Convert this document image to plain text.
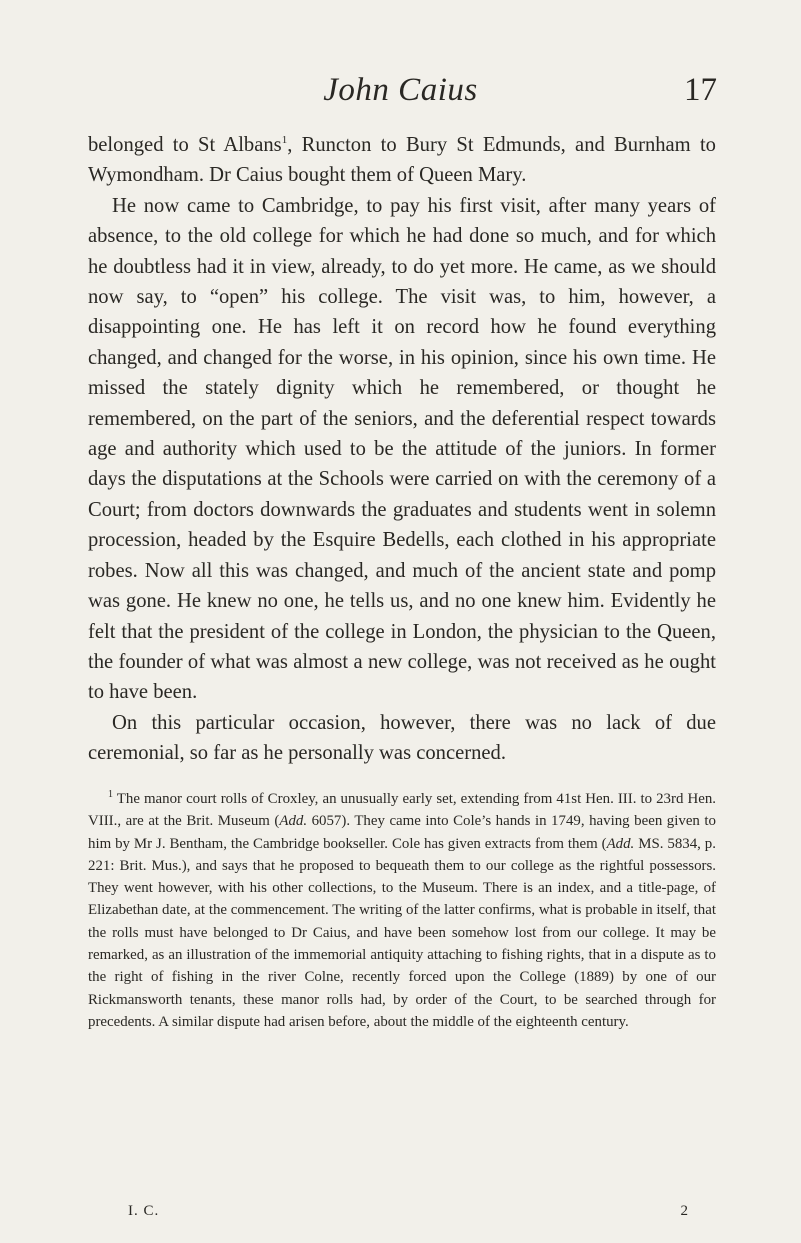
John Caius	17

belonged to St Albans$^1$, Runcton to Bury St Edmunds, and Burnham to Wymondham. Dr Caius bought them of Queen Mary.

He now came to Cambridge, to pay his first visit, after many years of absence, to the old college for which he had done so much, and for which he doubtless had it in view, already, to do yet more. He came, as we should now say, to “open” his college. The visit was, to him, however, a disappointing one. He has left it on record how he found everything changed, and changed for the worse, in his opinion, since his own time. He missed the stately dignity which he remembered, or thought he remembered, on the part of the seniors, and the deferential respect towards age and authority which used to be the attitude of the juniors. In former days the disputations at the Schools were carried on with the ceremony of a Court; from doctors downwards the graduates and students went in solemn procession, headed by the Esquire Bedells, each clothed in his appropriate robes. Now all this was changed, and much of the ancient state and pomp was gone. He knew no one, he tells us, and no one knew him. Evidently he felt that the president of the college in London, the physician to the Queen, the founder of what was almost a new college, was not received as he ought to have been.

On this particular occasion, however, there was no lack of due ceremonial, so far as he personally was concerned.

$^1$ The manor court rolls of Croxley, an unusually early set, extending from 41st Hen. III. to 23rd Hen. VIII., are at the Brit. Museum (Add. 6057). They came into Cole’s hands in 1749, having been given to him by Mr J. Bentham, the Cambridge bookseller. Cole has given extracts from them (Add. MS. 5834, p. 221: Brit. Mus.), and says that he proposed to bequeath them to our college as the rightful possessors. They went however, with his other collections, to the Museum. There is an index, and a title-page, of Elizabethan date, at the commencement. The writing of the latter confirms, what is probable in itself, that the rolls must have belonged to Dr Caius, and have been somehow lost from our college. It may be remarked, as an illustration of the immemorial antiquity attaching to fishing rights, that in a dispute as to the right of fishing in the river Colne, recently forced upon the College (1889) by one of our Rickmansworth tenants, these manor rolls had, by order of the Court, to be searched through for precedents. A similar dispute had arisen before, about the middle of the eighteenth century.

I. C.	2
